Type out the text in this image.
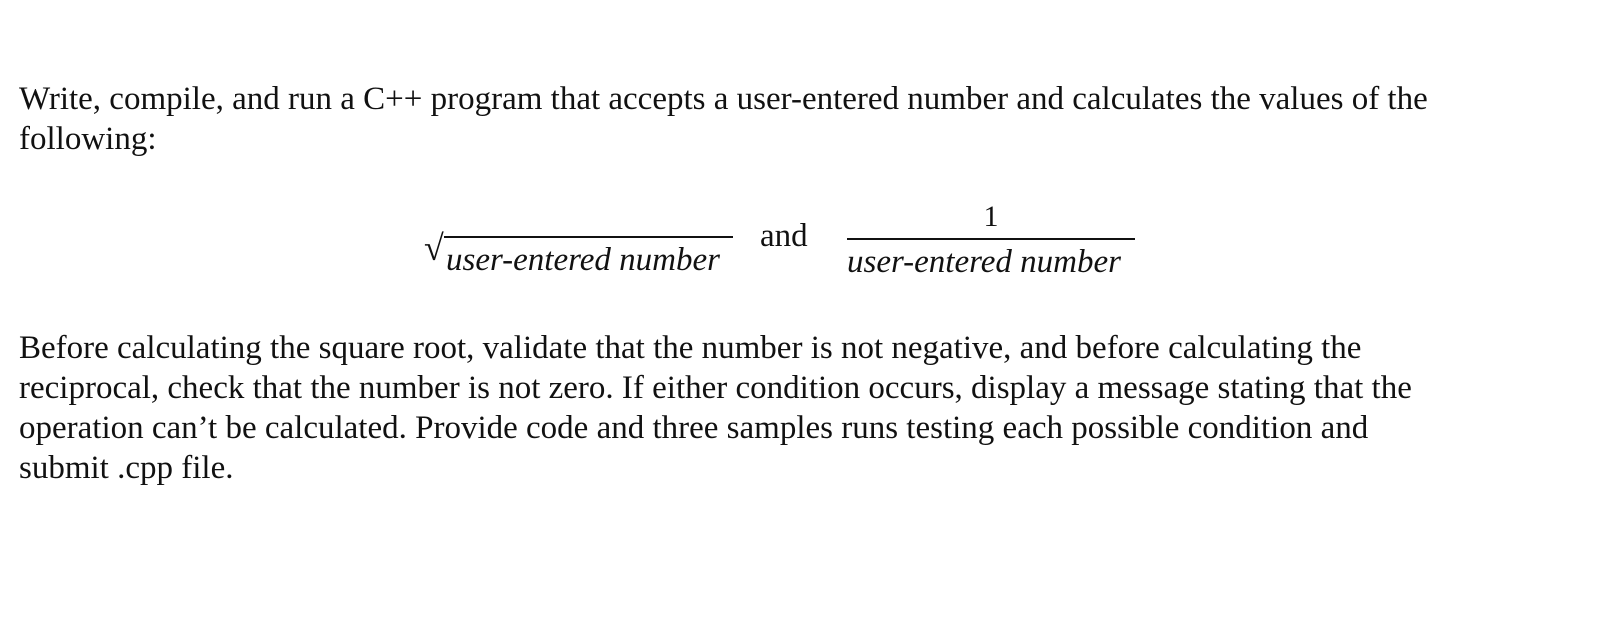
Write, compile, and run a C++ program that accepts a user-entered number and calculates the values of the
following:

√ user-entered number
and
1
user-entered number

Before calculating the square root, validate that the number is not negative, and before calculating the
reciprocal, check that the number is not zero. If either condition occurs, display a message stating that the
operation can’t be calculated. Provide code and three samples runs testing each possible condition and
submit .cpp file.
